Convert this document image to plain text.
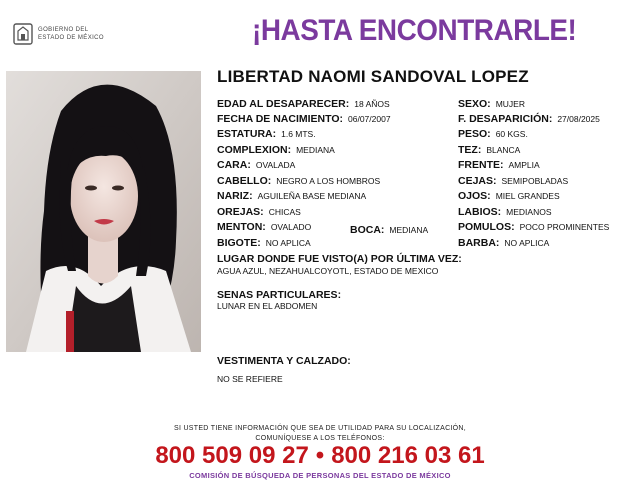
GOBIERNO DEL
ESTADO DE MÉXICO	¡HASTA ENCONTRARLE!
LIBERTAD NAOMI SANDOVAL LOPEZ
EDAD AL DESAPARECER: 18 AÑOS
FECHA DE NACIMIENTO: 06/07/2007
ESTATURA: 1.6 MTS.
COMPLEXION: MEDIANA
CARA: OVALADA
CABELLO: NEGRO A LOS HOMBROS
NARIZ: AGUILEÑA BASE MEDIANA
OREJAS: CHICAS
MENTON: OVALADO	BOCA: MEDIANA
BIGOTE: NO APLICA
SEXO: MUJER
F. DESAPARICIÓN: 27/08/2025
PESO: 60 KGS.
TEZ: BLANCA
FRENTE: AMPLIA
CEJAS: SEMIPOBLADAS
OJOS: MIEL GRANDES
LABIOS: MEDIANOS
POMULOS: POCO PROMINENTES
BARBA: NO APLICA
LUGAR DONDE FUE VISTO(A) POR ÚLTIMA VEZ:
AGUA AZUL, NEZAHUALCOYOTL, ESTADO DE MEXICO
SENAS PARTICULARES:
LUNAR EN EL ABDOMEN
VESTIMENTA Y CALZADO:
NO SE REFIERE
SI USTED TIENE INFORMACIÓN QUE SEA DE UTILIDAD PARA SU LOCALIZACIÓN,
COMUNÍQUESE A LOS TELÉFONOS:
800 509 09 27 • 800 216 03 61
COMISIÓN DE BÚSQUEDA DE PERSONAS DEL ESTADO DE MÉXICO
